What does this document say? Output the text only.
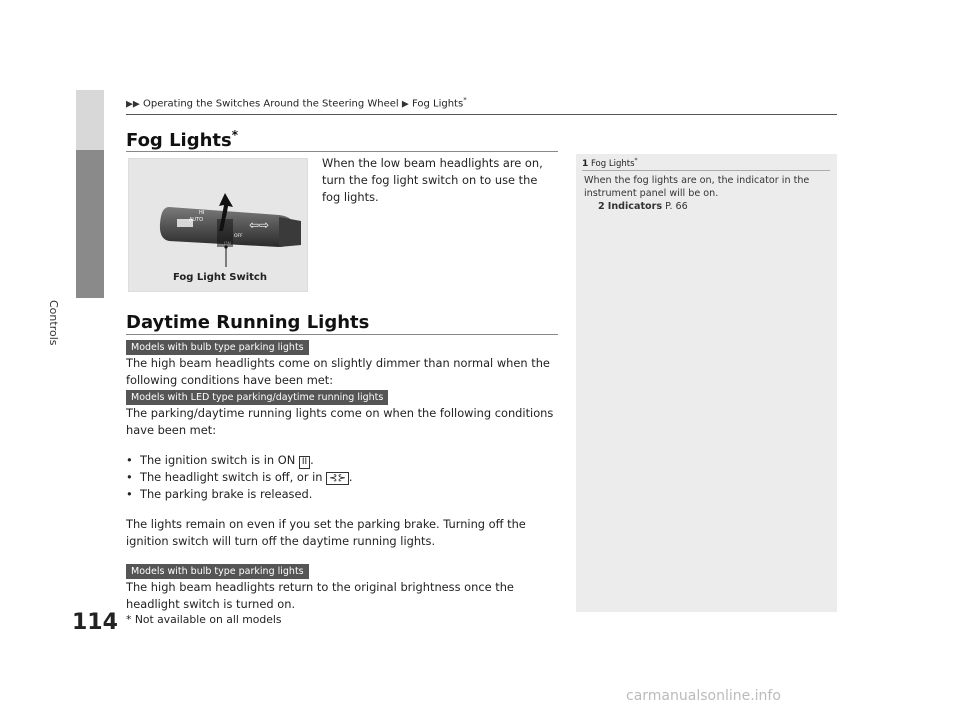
Controls
114
▶▶ Operating the Switches Around the Steering Wheel ▶ Fog Lights*
Fog Lights*
HI
AUTO
OFF
⇦⇨
Fog Light Switch
When the low beam headlights are on, turn the fog light switch on to use the fog lights.
Daytime Running Lights
Models with bulb type parking lights
The high beam headlights come on slightly dimmer than normal when the following conditions have been met:
Models with LED type parking/daytime running lights
The parking/daytime running lights come on when the following conditions have been met:
• The ignition switch is in ON II .
• The headlight switch is off, or in ⊰⊱ .
• The parking brake is released.
The lights remain on even if you set the parking brake. Turning off the ignition switch will turn off the daytime running lights.
Models with bulb type parking lights
The high beam headlights return to the original brightness once the headlight switch is turned on.
1 Fog Lights*
When the fog lights are on, the indicator in the instrument panel will be on.
2 Indicators P. 66
* Not available on all models
carmanualsonline.info
